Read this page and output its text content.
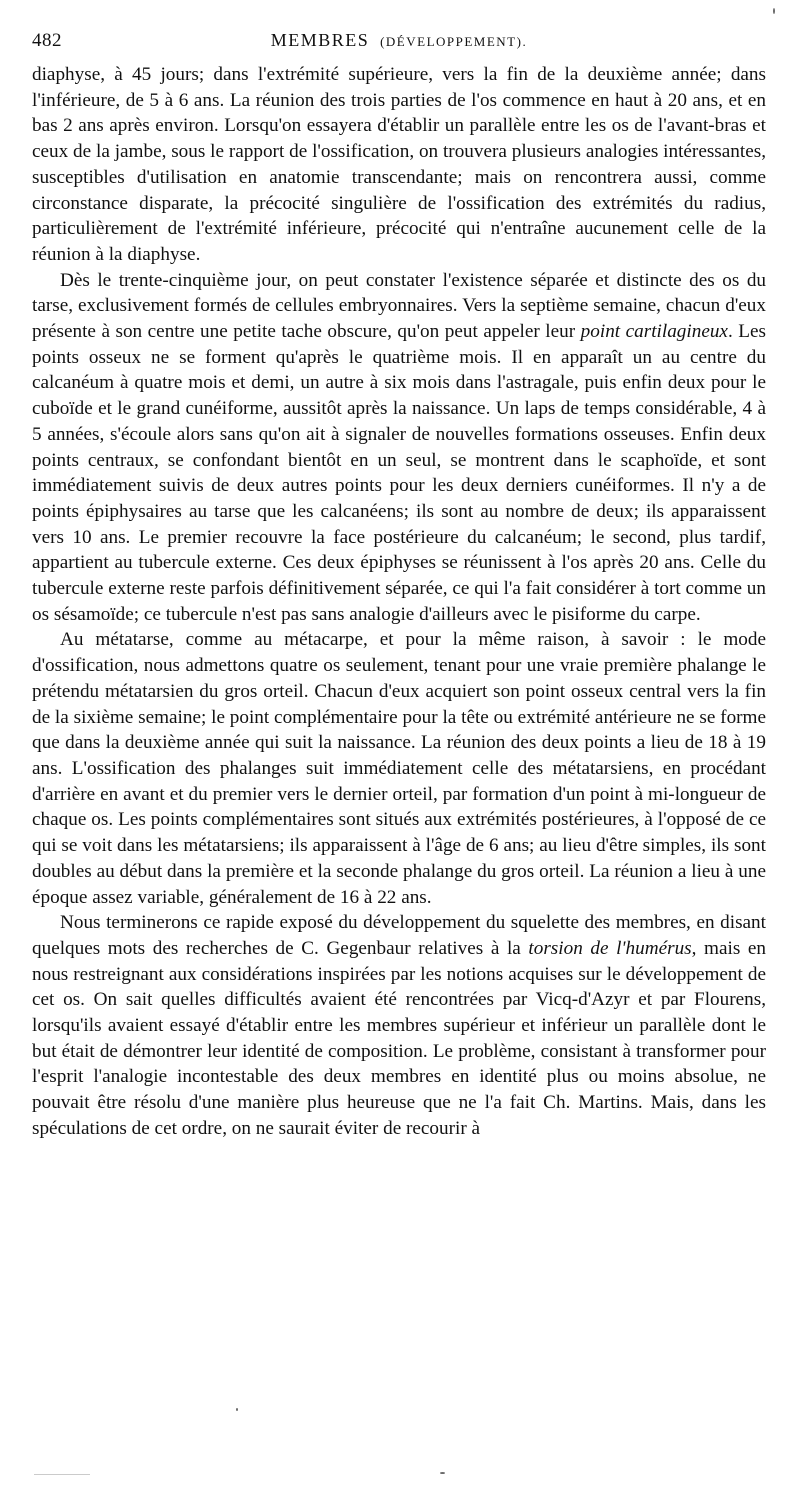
482	MEMBRES  (DÉVELOPPEMENT).

diaphyse, à 45 jours; dans l'extrémité supérieure, vers la fin de la deuxième année; dans l'inférieure, de 5 à 6 ans. La réunion des trois parties de l'os commence en haut à 20 ans, et en bas 2 ans après environ. Lorsqu'on essayera d'établir un parallèle entre les os de l'avant-bras et ceux de la jambe, sous le rapport de l'ossification, on trouvera plusieurs analogies intéressantes, susceptibles d'utilisation en anatomie transcendante; mais on rencontrera aussi, comme circonstance disparate, la précocité singulière de l'ossification des extrémités du radius, particulièrement de l'extrémité inférieure, précocité qui n'entraîne aucunement celle de la réunion à la diaphyse.

Dès le trente-cinquième jour, on peut constater l'existence séparée et distincte des os du tarse, exclusivement formés de cellules embryonnaires. Vers la septième semaine, chacun d'eux présente à son centre une petite tache obscure, qu'on peut appeler leur point cartilagineux. Les points osseux ne se forment qu'après le quatrième mois. Il en apparaît un au centre du calcanéum à quatre mois et demi, un autre à six mois dans l'astragale, puis enfin deux pour le cuboïde et le grand cunéiforme, aussitôt après la naissance. Un laps de temps considérable, 4 à 5 années, s'écoule alors sans qu'on ait à signaler de nouvelles formations osseuses. Enfin deux points centraux, se confondant bientôt en un seul, se montrent dans le scaphoïde, et sont immédiatement suivis de deux autres points pour les deux derniers cunéiformes. Il n'y a de points épiphysaires au tarse que les calcanéens; ils sont au nombre de deux; ils apparaissent vers 10 ans. Le premier recouvre la face postérieure du calcanéum; le second, plus tardif, appartient au tubercule externe. Ces deux épiphyses se réunissent à l'os après 20 ans. Celle du tubercule externe reste parfois définitivement séparée, ce qui l'a fait considérer à tort comme un os sésamoïde; ce tubercule n'est pas sans analogie d'ailleurs avec le pisiforme du carpe.

Au métatarse, comme au métacarpe, et pour la même raison, à savoir : le mode d'ossification, nous admettons quatre os seulement, tenant pour une vraie première phalange le prétendu métatarsien du gros orteil. Chacun d'eux acquiert son point osseux central vers la fin de la sixième semaine; le point complémentaire pour la tête ou extrémité antérieure ne se forme que dans la deuxième année qui suit la naissance. La réunion des deux points a lieu de 18 à 19 ans. L'ossification des phalanges suit immédiatement celle des métatarsiens, en procédant d'arrière en avant et du premier vers le dernier orteil, par formation d'un point à mi-longueur de chaque os. Les points complémentaires sont situés aux extrémités postérieures, à l'opposé de ce qui se voit dans les métatarsiens; ils apparaissent à l'âge de 6 ans; au lieu d'être simples, ils sont doubles au début dans la première et la seconde phalange du gros orteil. La réunion a lieu à une époque assez variable, généralement de 16 à 22 ans.

Nous terminerons ce rapide exposé du développement du squelette des membres, en disant quelques mots des recherches de C. Gegenbaur relatives à la torsion de l'humérus, mais en nous restreignant aux considérations inspirées par les notions acquises sur le développement de cet os. On sait quelles difficultés avaient été rencontrées par Vicq-d'Azyr et par Flourens, lorsqu'ils avaient essayé d'établir entre les membres supérieur et inférieur un parallèle dont le but était de démontrer leur identité de composition. Le problème, consistant à transformer pour l'esprit l'analogie incontestable des deux membres en identité plus ou moins absolue, ne pouvait être résolu d'une manière plus heureuse que ne l'a fait Ch. Martins. Mais, dans les spéculations de cet ordre, on ne saurait éviter de recourir à
